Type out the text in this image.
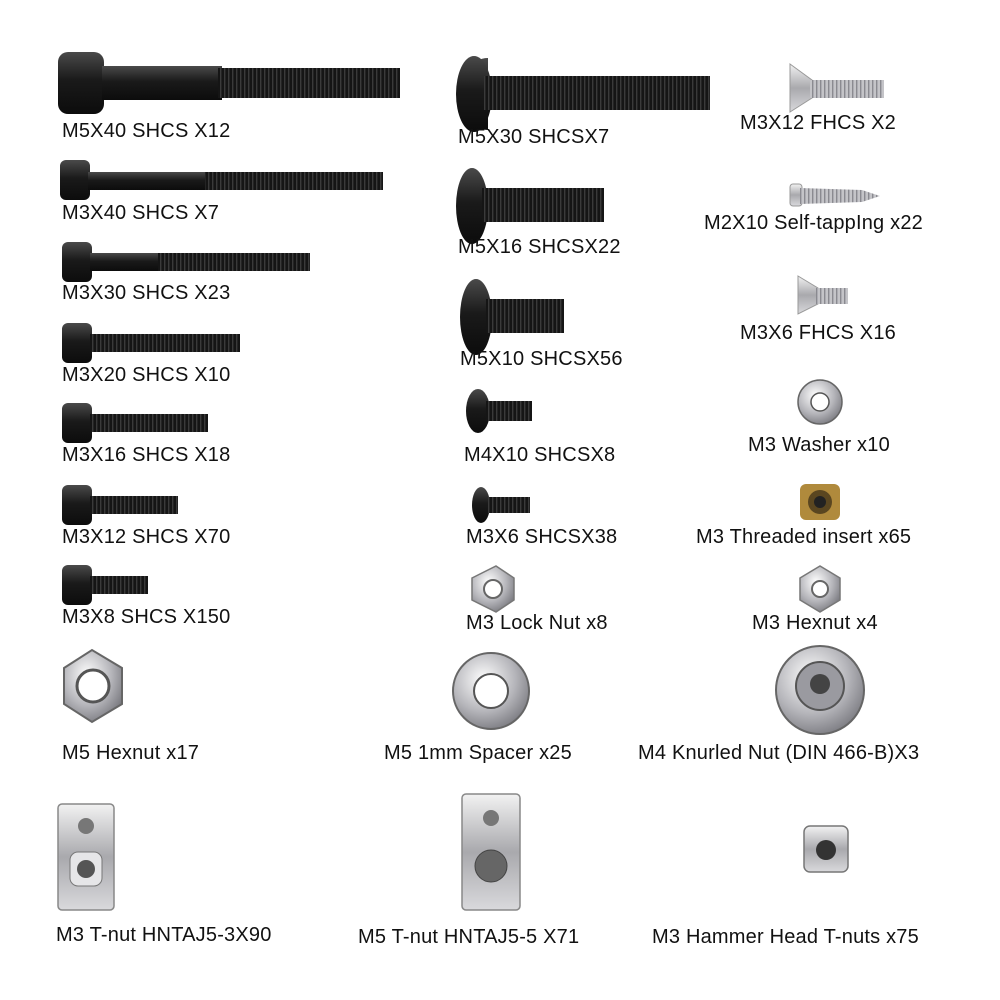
M5X40 SHCS X12
M3X40 SHCS X7
M3X30 SHCS X23
M3X20 SHCS X10
M3X16 SHCS X18
M3X12 SHCS X70
M3X8 SHCS X150
M5X30 SHCSX7
M5X16 SHCSX22
M5X10 SHCSX56
M4X10 SHCSX8
M3X6 SHCSX38
M3 Lock Nut x8
M3X12 FHCS X2
M2X10 Self-tappIng x22
M3X6 FHCS X16
M3 Washer x10
M3 Threaded insert x65
M3 Hexnut x4
M5 Hexnut x17	M5 1mm Spacer x25	M4 Knurled Nut (DIN 466-B)X3
M3 T-nut HNTAJ5-3X90	M5 T-nut HNTAJ5-5 X71	M3 Hammer Head T-nuts x75
